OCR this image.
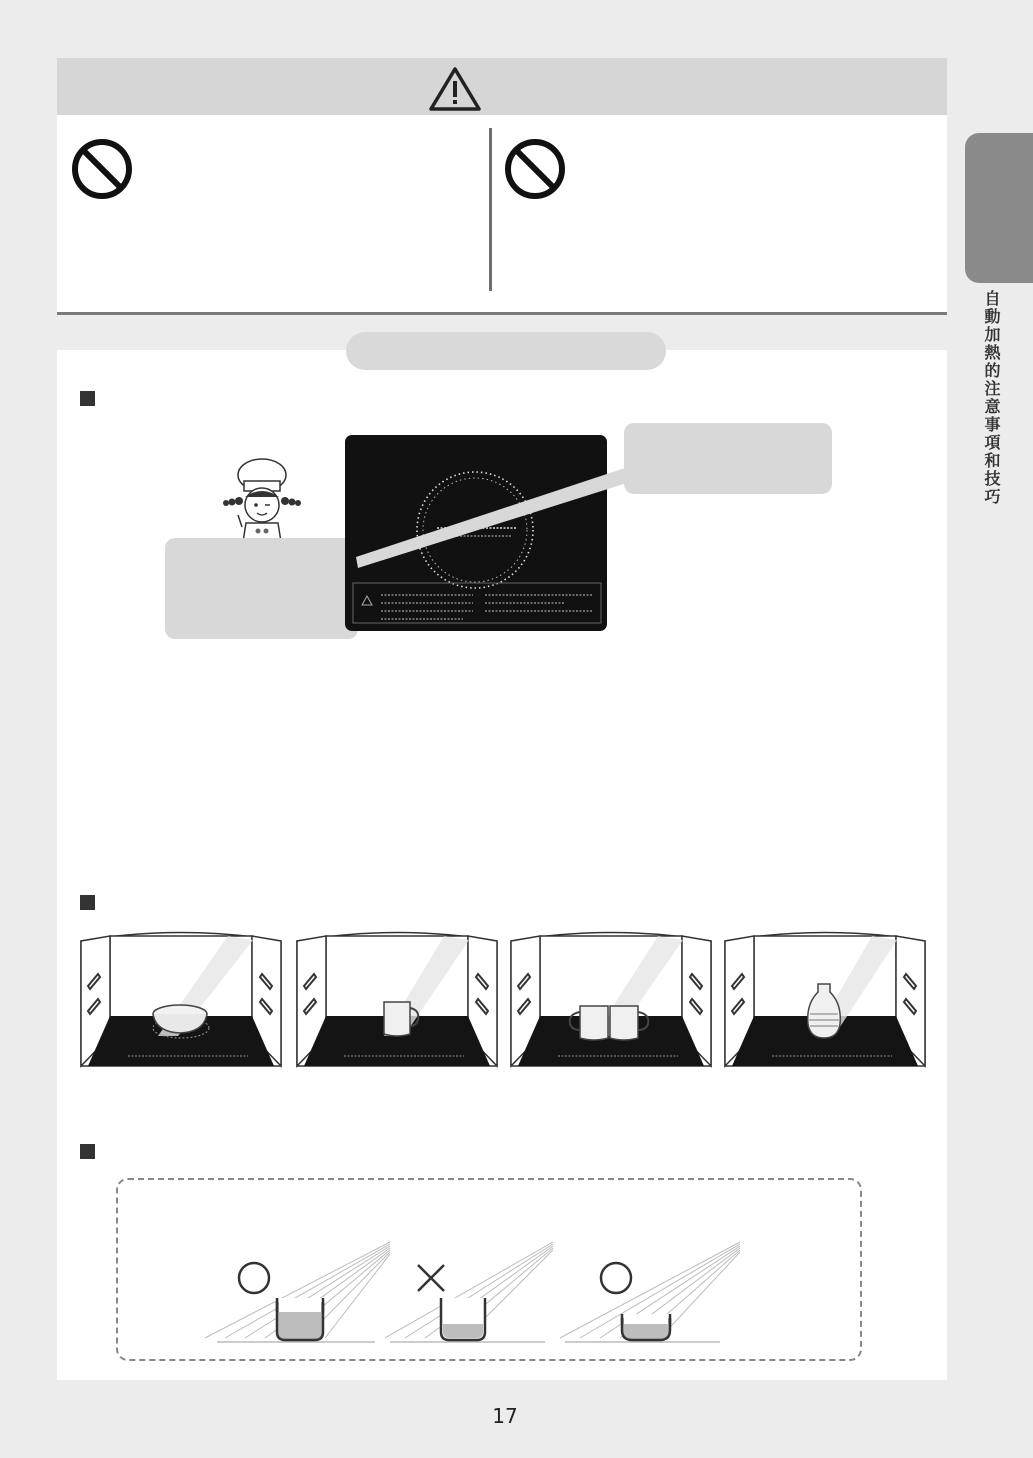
自動加熱的注意事項和技巧
17
